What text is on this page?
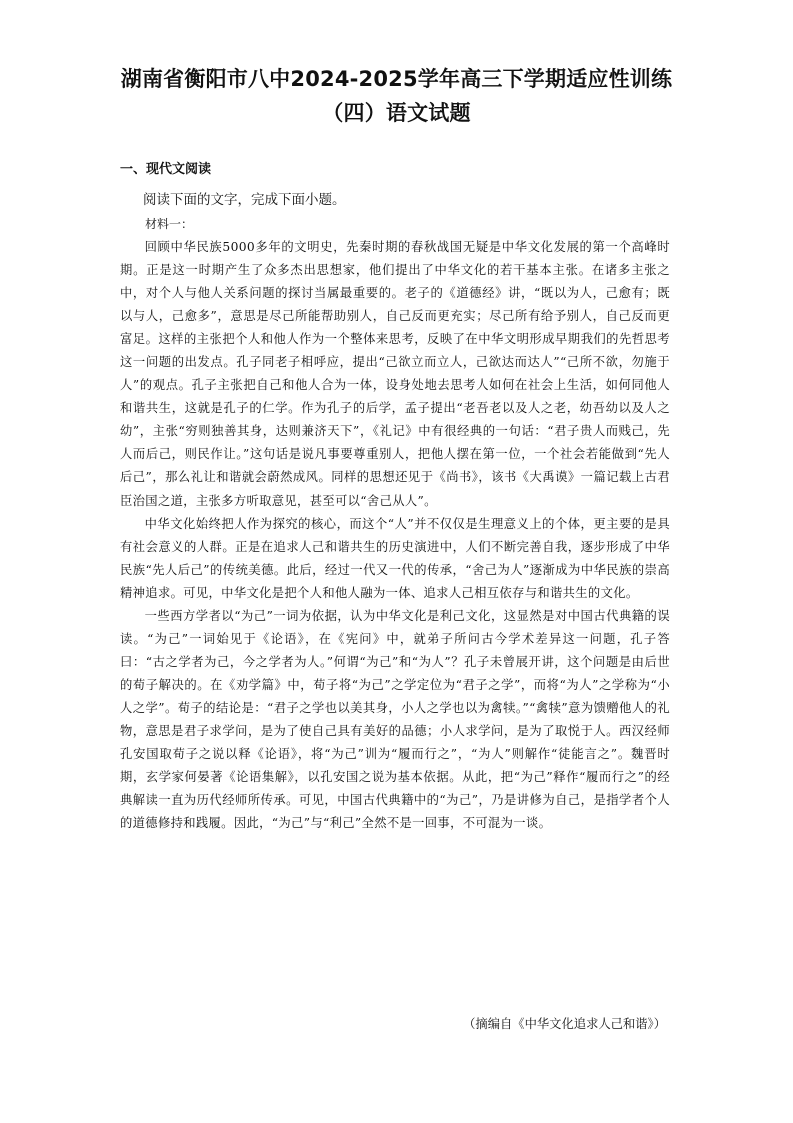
湖南省衡阳市八中2024-2025学年高三下学期适应性训练
（四）语文试题
一、现代文阅读

阅读下面的文字，完成下面小题。

材料一：

回顾中华民族5000多年的文明史，先秦时期的春秋战国无疑是中华文化发展的第一个高峰时期。正是这一时期产生了众多杰出思想家，他们提出了中华文化的若干基本主张。在诸多主张之中，对个人与他人关系问题的探讨当属最重要的。老子的《道德经》讲，“既以为人，己愈有；既以与人，己愈多”，意思是尽己所能帮助别人，自己反而更充实；尽己所有给予别人，自己反而更富足。这样的主张把个人和他人作为一个整体来思考，反映了在中华文明形成早期我们的先哲思考这一问题的出发点。孔子同老子相呼应，提出“己欲立而立人，己欲达而达人”“己所不欲，勿施于人”的观点。孔子主张把自己和他人合为一体，设身处地去思考人如何在社会上生活，如何同他人和谐共生，这就是孔子的仁学。作为孔子的后学，孟子提出“老吾老以及人之老，幼吾幼以及人之幼”，主张“穷则独善其身，达则兼济天下”，《礼记》中有很经典的一句话：“君子贵人而贱己，先人而后己，则民作让。”这句话是说凡事要尊重别人，把他人摆在第一位，一个社会若能做到“先人后己”，那么礼让和谐就会蔚然成风。同样的思想还见于《尚书》，该书《大禹谟》一篇记载上古君臣治国之道，主张多方听取意见，甚至可以“舍己从人”。

中华文化始终把人作为探究的核心，而这个“人”并不仅仅是生理意义上的个体，更主要的是具有社会意义的人群。正是在追求人己和谐共生的历史演进中，人们不断完善自我，逐步形成了中华民族“先人后己”的传统美德。此后，经过一代又一代的传承，“舍己为人”逐渐成为中华民族的崇高精神追求。可见，中华文化是把个人和他人融为一体、追求人己相互依存与和谐共生的文化。

一些西方学者以“为己”一词为依据，认为中华文化是利己文化，这显然是对中国古代典籍的误读。“为己”一词始见于《论语》，在《宪问》中，就弟子所问古今学术差异这一问题，孔子答曰：“古之学者为己，今之学者为人。”何谓“为己”和“为人”？孔子未曾展开讲，这个问题是由后世的荀子解决的。在《劝学篇》中，荀子将“为己”之学定位为“君子之学”，而将“为人”之学称为“小人之学”。荀子的结论是：“君子之学也以美其身，小人之学也以为禽犊。”“禽犊”意为馈赠他人的礼物，意思是君子求学问，是为了使自己具有美好的品德；小人求学问，是为了取悦于人。西汉经师孔安国取荀子之说以释《论语》，将“为己”训为“履而行之”，“为人”则解作“徒能言之”。魏晋时期，玄学家何晏著《论语集解》，以孔安国之说为基本依据。从此，把“为己”释作“履而行之”的经典解读一直为历代经师所传承。可见，中国古代典籍中的“为己”，乃是讲修为自己，是指学者个人的道德修持和践履。因此，“为己”与“利己”全然不是一回事，不可混为一谈。

（摘编自《中华文化追求人己和谐》）
